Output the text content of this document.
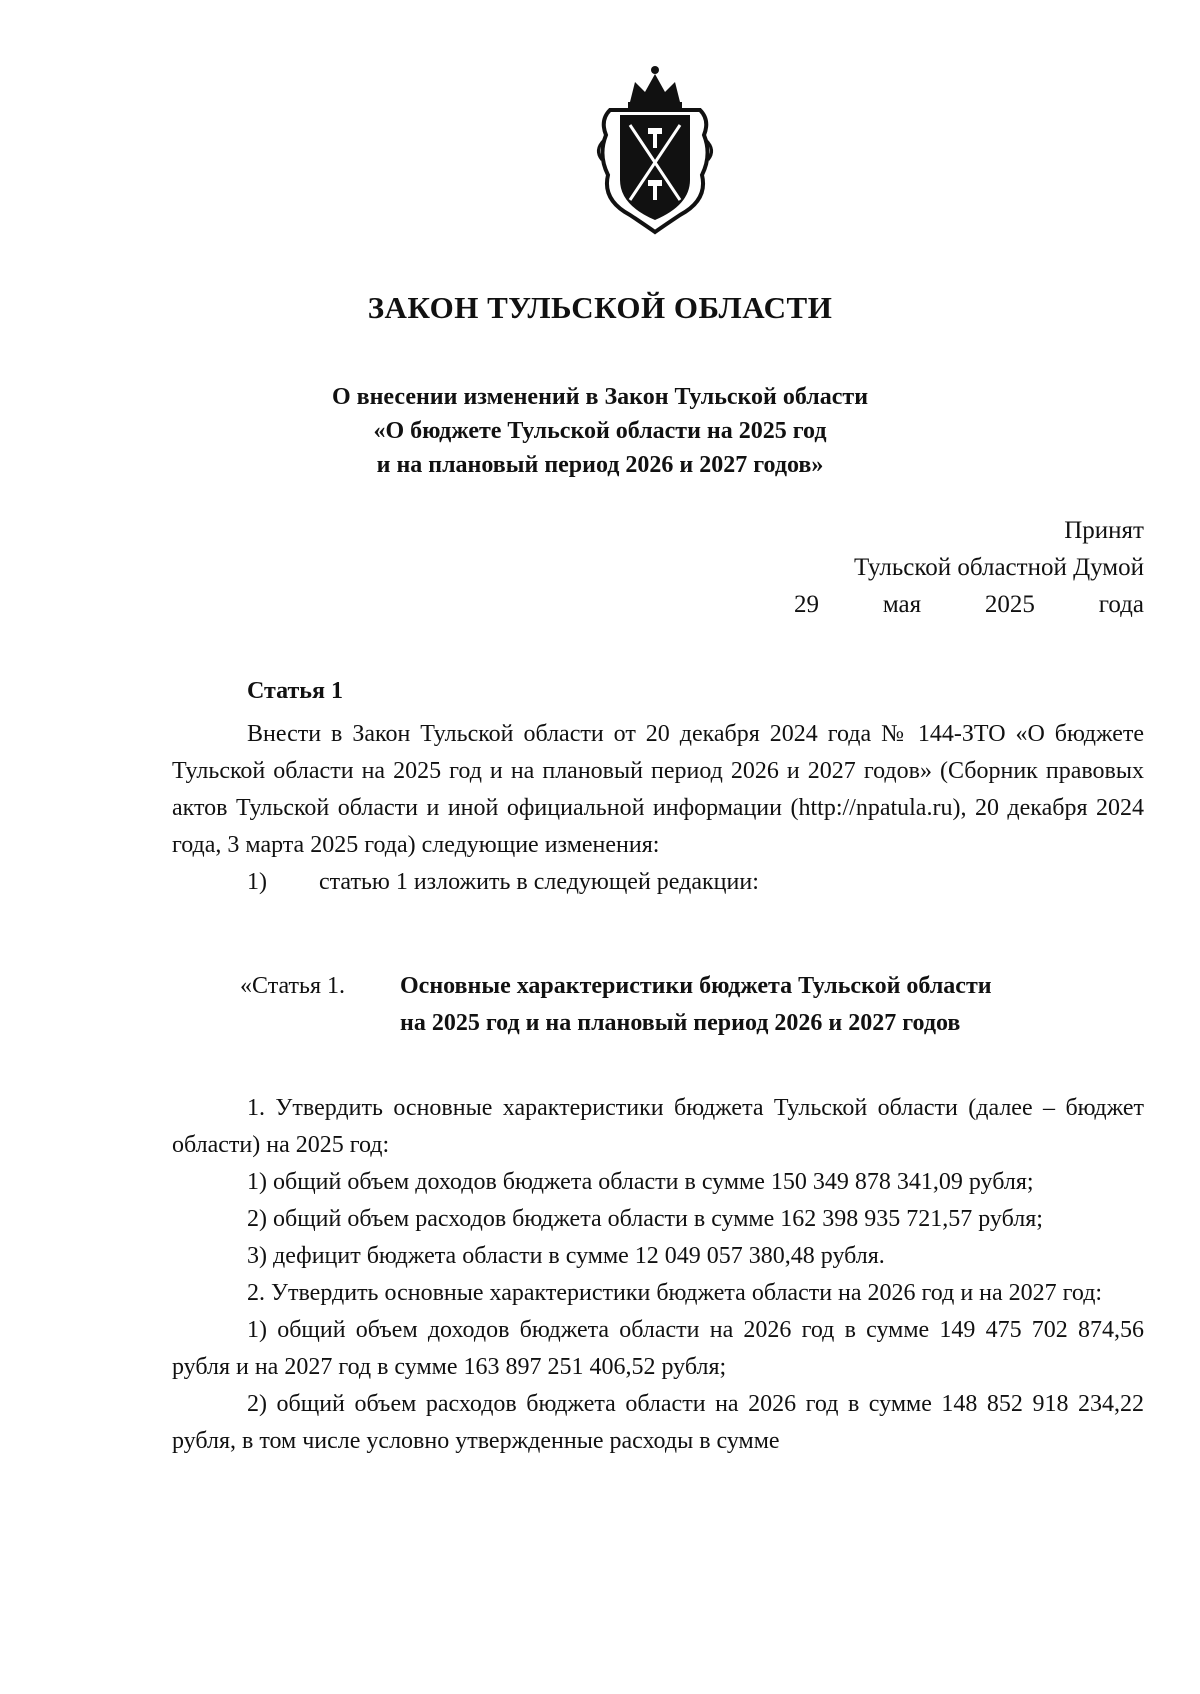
ЗАКОН ТУЛЬСКОЙ ОБЛАСТИ
О внесении изменений в Закон Тульской области
«О бюджете Тульской области на 2025 год
и на плановый период 2026 и 2027 годов»
Принят
Тульской областной Думой
29	мая	2025	года
Статья 1

Внести в Закон Тульской области от 20 декабря 2024 года № 144-ЗТО «О бюджете Тульской области на 2025 год и на плановый период 2026 и 2027 годов» (Сборник правовых актов Тульской области и иной официальной информации (http://npatula.ru), 20 декабря 2024 года, 3 марта 2025 года) следующие изменения:

1)	статью 1 изложить в следующей редакции:
«Статья 1.	Основные характеристики бюджета Тульской области
на 2025 год и на плановый период 2026 и 2027 годов

1. Утвердить основные характеристики бюджета Тульской области (далее – бюджет области) на 2025 год:

1) общий объем доходов бюджета области в сумме 150 349 878 341,09 рубля;

2) общий объем расходов бюджета области в сумме 162 398 935 721,57 рубля;

3) дефицит бюджета области в сумме 12 049 057 380,48 рубля.

2. Утвердить основные характеристики бюджета области на 2026 год и на 2027 год:

1) общий объем доходов бюджета области на 2026 год в сумме 149 475 702 874,56 рубля и на 2027 год в сумме 163 897 251 406,52 рубля;

2) общий объем расходов бюджета области на 2026 год в сумме 148 852 918 234,22 рубля, в том числе условно утвержденные расходы в сумме
